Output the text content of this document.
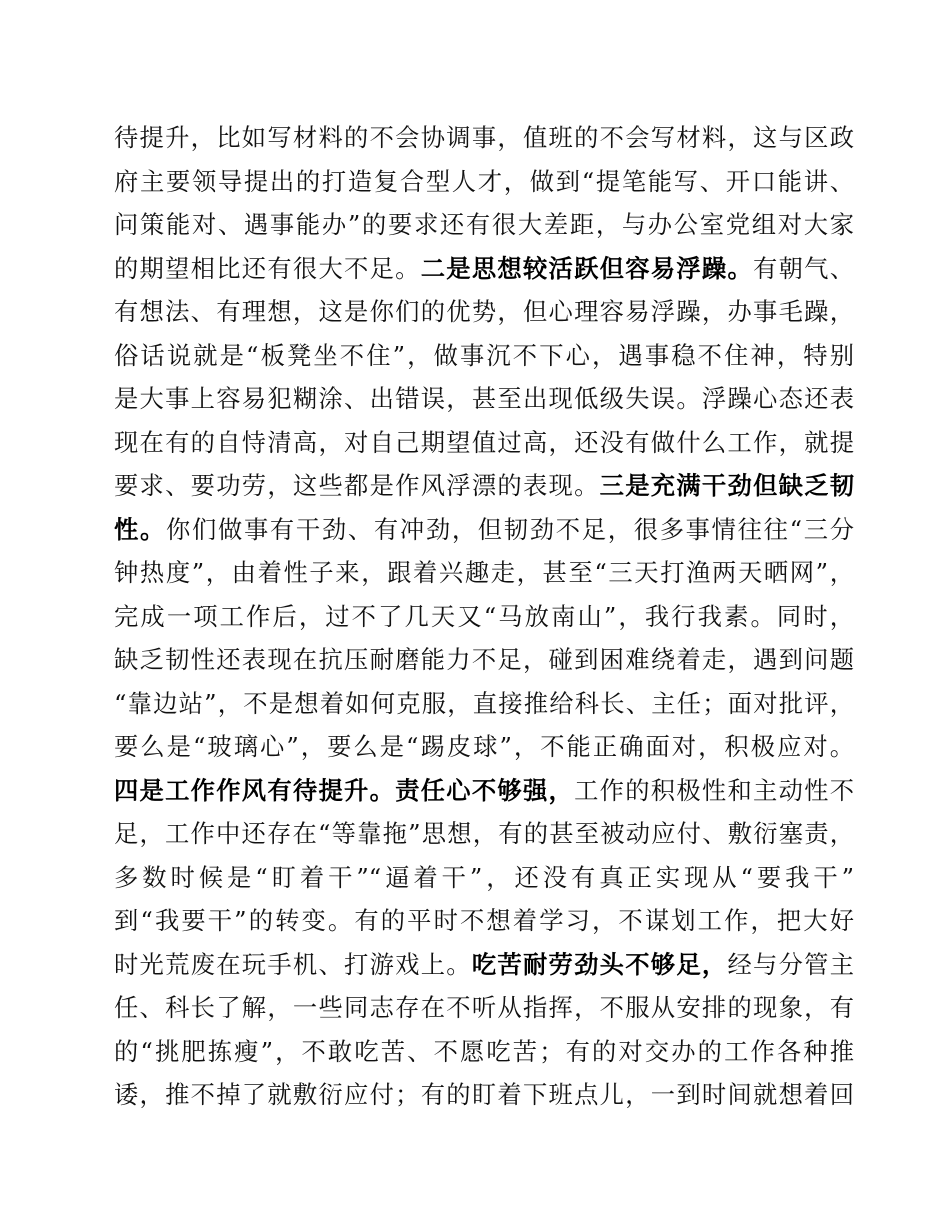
待提升，比如写材料的不会协调事，值班的不会写材料，这与区政
府主要领导提出的打造复合型人才，做到“提笔能写、开口能讲、
问策能对、遇事能办”的要求还有很大差距，与办公室党组对大家
的期望相比还有很大不足。二是思想较活跃但容易浮躁。有朝气、
有想法、有理想，这是你们的优势，但心理容易浮躁，办事毛躁，
俗话说就是“板凳坐不住”，做事沉不下心，遇事稳不住神，特别
是大事上容易犯糊涂、出错误，甚至出现低级失误。浮躁心态还表
现在有的自恃清高，对自己期望值过高，还没有做什么工作，就提
要求、要功劳，这些都是作风浮漂的表现。三是充满干劲但缺乏韧
性。你们做事有干劲、有冲劲，但韧劲不足，很多事情往往“三分
钟热度”，由着性子来，跟着兴趣走，甚至“三天打渔两天晒网”，
完成一项工作后，过不了几天又“马放南山”，我行我素。同时，
缺乏韧性还表现在抗压耐磨能力不足，碰到困难绕着走，遇到问题
“靠边站”，不是想着如何克服，直接推给科长、主任；面对批评，
要么是“玻璃心”，要么是“踢皮球”，不能正确面对，积极应对。
四是工作作风有待提升。责任心不够强，工作的积极性和主动性不
足，工作中还存在“等靠拖”思想，有的甚至被动应付、敷衍塞责，
多数时候是“盯着干”“逼着干”，还没有真正实现从“要我干”
到“我要干”的转变。有的平时不想着学习，不谋划工作，把大好
时光荒废在玩手机、打游戏上。吃苦耐劳劲头不够足，经与分管主
任、科长了解，一些同志存在不听从指挥，不服从安排的现象，有
的“挑肥拣瘦”，不敢吃苦、不愿吃苦；有的对交办的工作各种推
诿，推不掉了就敷衍应付；有的盯着下班点儿，一到时间就想着回
